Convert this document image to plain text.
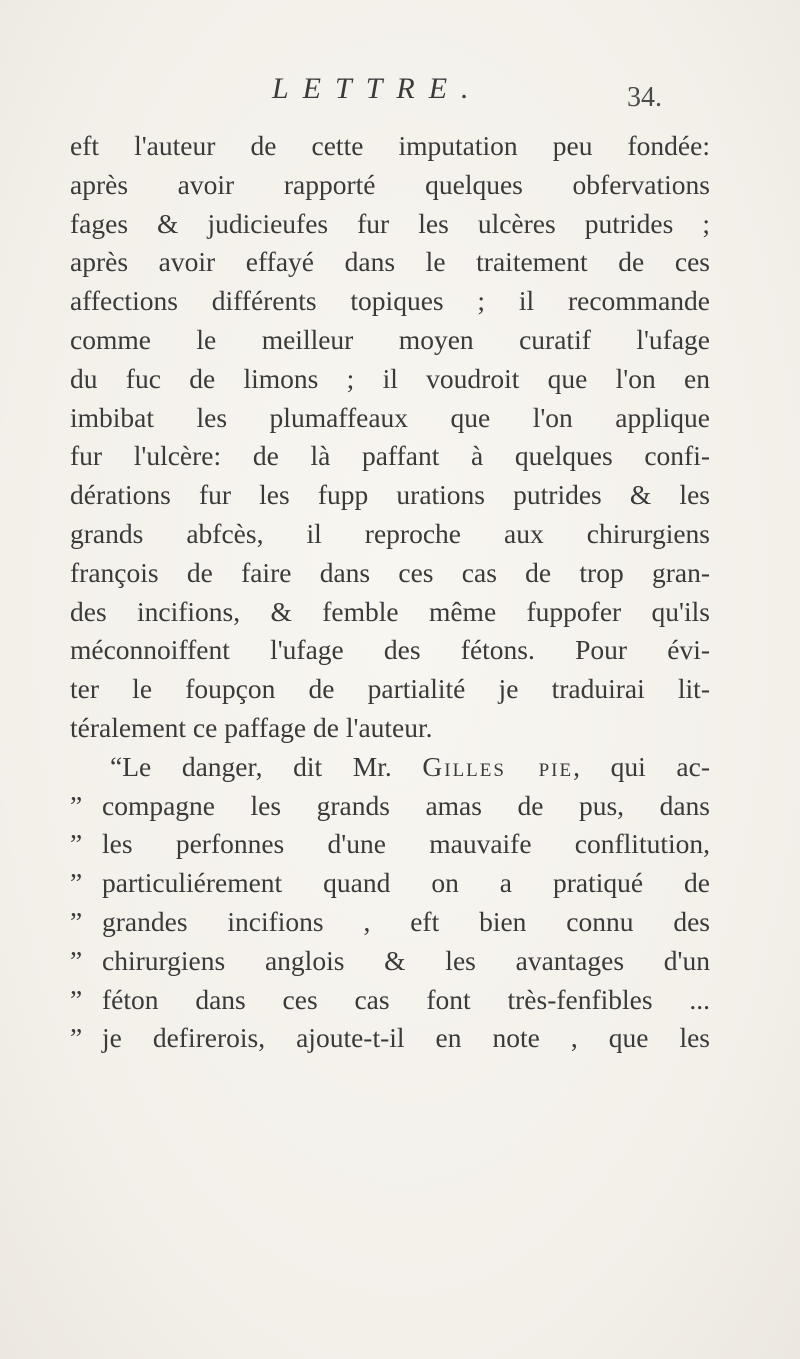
LETTRE.	34.
eft l'auteur de cette imputation peu fondée:
après avoir rapporté quelques obfervations
fages & judicieufes fur les ulcères putrides ;
après avoir effayé dans le traitement de ces
affections différents topiques ; il recommande
comme le meilleur moyen curatif l'ufage
du fuc de limons ; il voudroit que l'on en
imbibat les plumaffeaux que l'on applique
fur l'ulcère: de là paffant à quelques confi-
dérations fur les fupp urations putrides & les
grands abfcès, il reproche aux chirurgiens
françois de faire dans ces cas de trop gran-
des incifions, & femble même fuppofer qu'ils
méconnoiffent l'ufage des fétons. Pour évi-
ter le foupçon de partialité je traduirai lit-
téralement ce paffage de l'auteur.
“Le danger, dit Mr. Gilles pie, qui ac-
” compagne les grands amas de pus, dans
” les perfonnes d'une mauvaife conflitution,
” particuliérement quand on a pratiqué de
” grandes incifions , eft bien connu des
” chirurgiens anglois & les avantages d'un
” féton dans ces cas font très-fenfibles ...
” je defirerois, ajoute-t-il en note , que les
